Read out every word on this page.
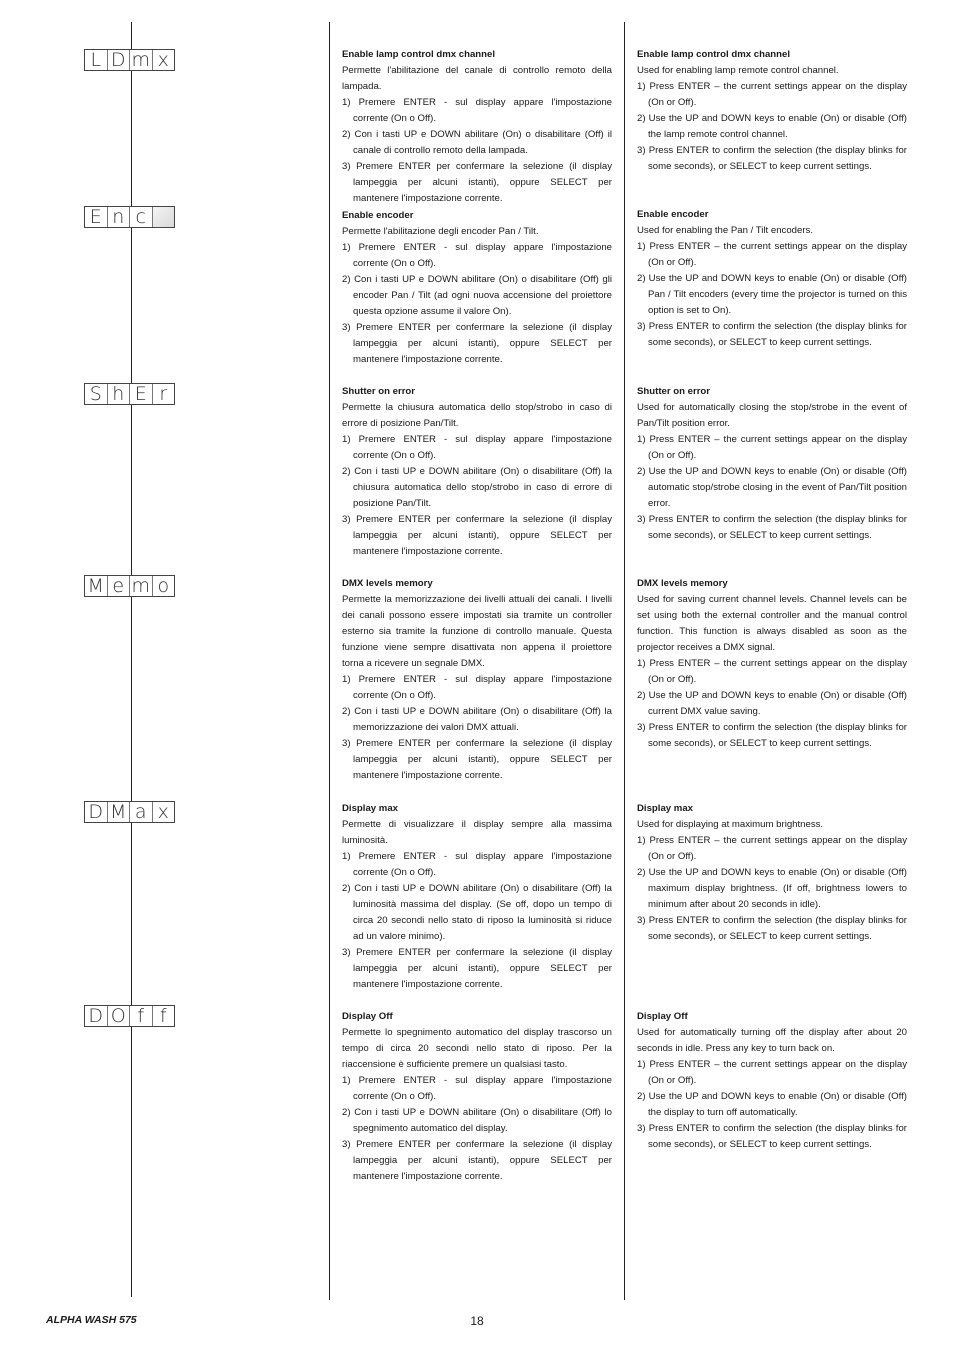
L D m x
E n c
S h E r
M e m o
D M a x
D O f f
Enable lamp control dmx channel

Permette l'abilitazione del canale di controllo remoto della lampada.

1) Premere ENTER - sul display appare l'impostazione corrente (On o Off).
2) Con i tasti UP e DOWN abilitare (On) o disabilitare (Off) il canale di controllo remoto della lampada.
3) Premere ENTER per confermare la selezione (il display lampeggia per alcuni istanti), oppure SELECT per mantenere l'impostazione corrente.
Enable encoder

Permette l'abilitazione degli encoder Pan / Tilt.

1) Premere ENTER - sul display appare l'impostazione corrente (On o Off).
2) Con i tasti UP e DOWN abilitare (On) o disabilitare (Off) gli encoder Pan / Tilt (ad ogni nuova accensione del proiettore questa opzione assume il valore On).
3) Premere ENTER per confermare la selezione (il display lampeggia per alcuni istanti), oppure SELECT per mantenere l'impostazione corrente.
Shutter on error

Permette la chiusura automatica dello stop/strobo in caso di errore di posizione Pan/Tilt.

1) Premere ENTER - sul display appare l'impostazione corrente (On o Off).
2) Con i tasti UP e DOWN abilitare (On) o disabilitare (Off) la chiusura automatica dello stop/strobo in caso di errore di posizione Pan/Tilt.
3) Premere ENTER per confermare la selezione (il display lampeggia per alcuni istanti), oppure SELECT per mantenere l'impostazione corrente.
DMX levels memory

Permette la memorizzazione dei livelli attuali dei canali. I livelli dei canali possono essere impostati sia tramite un controller esterno sia tramite la funzione di controllo manuale. Questa funzione viene sempre disattivata non appena il proiettore torna a ricevere un segnale DMX.

1) Premere ENTER - sul display appare l'impostazione corrente (On o Off).
2) Con i tasti UP e DOWN abilitare (On) o disabilitare (Off) la memorizzazione dei valori DMX attuali.
3) Premere ENTER per confermare la selezione (il display lampeggia per alcuni istanti), oppure SELECT per mantenere l'impostazione corrente.
Display max

Permette di visualizzare il display sempre alla massima luminosità.

1) Premere ENTER - sul display appare l'impostazione corrente (On o Off).
2) Con i tasti UP e DOWN abilitare (On) o disabilitare (Off) la luminosità massima del display. (Se off, dopo un tempo di circa 20 secondi nello stato di riposo la luminosità si riduce ad un valore minimo).
3) Premere ENTER per confermare la selezione (il display lampeggia per alcuni istanti), oppure SELECT per mantenere l'impostazione corrente.
Display Off

Permette lo spegnimento automatico del display trascorso un tempo di circa 20 secondi nello stato di riposo. Per la riaccensione è sufficiente premere un qualsiasi tasto.

1) Premere ENTER - sul display appare l'impostazione corrente (On o Off).
2) Con i tasti UP e DOWN abilitare (On) o disabilitare (Off) lo spegnimento automatico del display.
3) Premere ENTER per confermare la selezione (il display lampeggia per alcuni istanti), oppure SELECT per mantenere l'impostazione corrente.
Enable lamp control dmx channel

Used for enabling lamp remote control channel.

1) Press ENTER – the current settings appear on the display (On or Off).
2) Use the UP and DOWN keys to enable (On) or disable (Off) the lamp remote control channel.
3) Press ENTER to confirm the selection (the display blinks for some seconds), or SELECT to keep current settings.
Enable encoder

Used for enabling the Pan / Tilt encoders.

1) Press ENTER – the current settings appear on the display (On or Off).
2) Use the UP and DOWN keys to enable (On) or disable (Off) Pan / Tilt encoders (every time the projector is turned on this option is set to On).
3) Press ENTER to confirm the selection (the display blinks for some seconds), or SELECT to keep current settings.
Shutter on error

Used for automatically closing the stop/strobe in the event of Pan/Tilt position error.

1) Press ENTER – the current settings appear on the display (On or Off).
2) Use the UP and DOWN keys to enable (On) or disable (Off) automatic stop/strobe closing in the event of Pan/Tilt position error.
3) Press ENTER to confirm the selection (the display blinks for some seconds), or SELECT to keep current settings.
DMX levels memory

Used for saving current channel levels. Channel levels can be set using both the external controller and the manual control function. This function is always disabled as soon as the projector receives a DMX signal.

1) Press ENTER – the current settings appear on the display (On or Off).
2) Use the UP and DOWN keys to enable (On) or disable (Off) current DMX value saving.
3) Press ENTER to confirm the selection (the display blinks for some seconds), or SELECT to keep current settings.
Display max

Used for displaying at maximum brightness.

1) Press ENTER – the current settings appear on the display (On or Off).
2) Use the UP and DOWN keys to enable (On) or disable (Off) maximum display brightness. (If off, brightness lowers to minimum after about 20 seconds in idle).
3) Press ENTER to confirm the selection (the display blinks for some seconds), or SELECT to keep current settings.
Display Off

Used for automatically turning off the display after about 20 seconds in idle. Press any key to turn back on.

1) Press ENTER – the current settings appear on the display (On or Off).
2) Use the UP and DOWN keys to enable (On) or disable (Off) the display to turn off automatically.
3) Press ENTER to confirm the selection (the display blinks for some seconds), or SELECT to keep current settings.
ALPHA WASH 575	18
